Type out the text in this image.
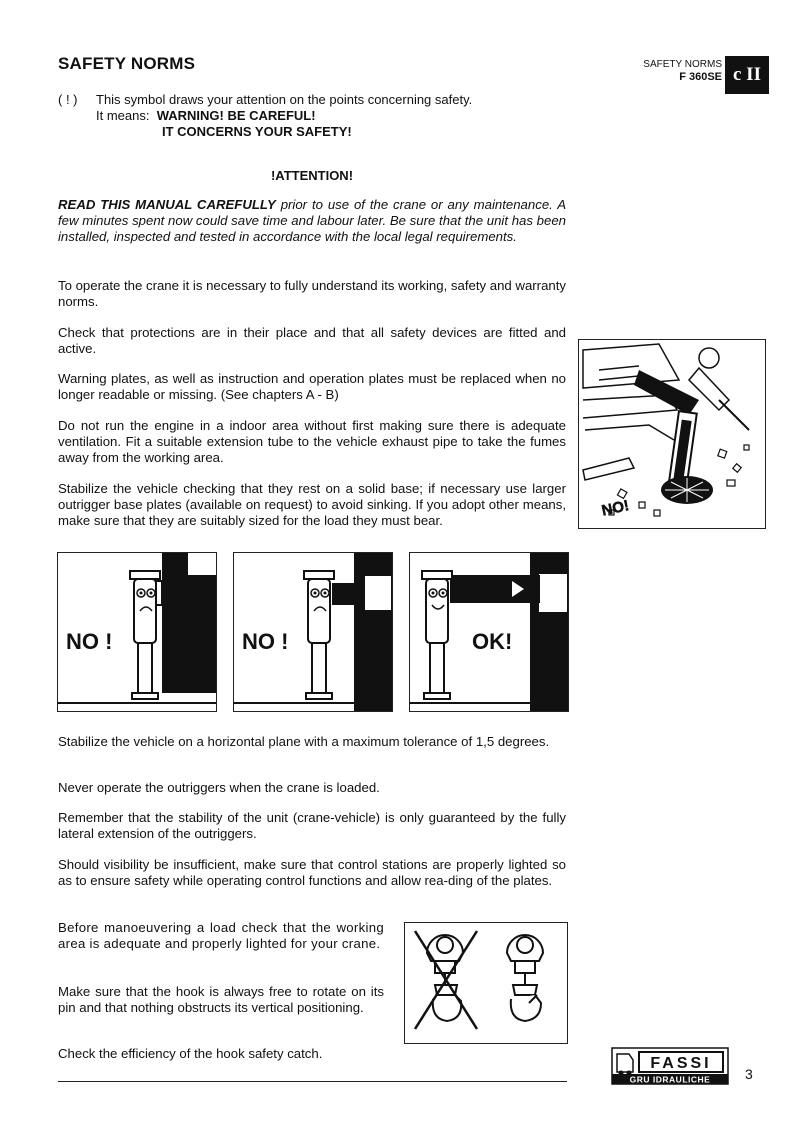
SAFETY NORMS	SAFETY NORMS
F 360SE c II
( ! ) This symbol draws your attention on the points concerning safety.
It means: WARNING! BE CAREFUL!
IT CONCERNS YOUR SAFETY!
!ATTENTION!

READ THIS MANUAL CAREFULLY prior to use of the crane or any maintenance. A few minutes spent now could save time and labour later. Be sure that the unit has been installed, inspected and tested in accordance with the local legal requirements.

To operate the crane it is necessary to fully understand its working, safety and warranty norms.

Check that protections are in their place and that all safety devices are fitted and active.

Warning plates, as well as instruction and operation plates must be replaced when no longer readable or missing. (See chapters A - B)

Do not run the engine in a indoor area without first making sure there is adequate ventilation. Fit a suitable extension tube to the vehicle exhaust pipe to take the fumes away from the working area.

Stabilize the vehicle checking that they rest on a solid base; if necessary use larger outrigger base plates (available on request) to avoid sinking. If you adopt other means, make sure that they are suitably sized for the load they must bear.

NO!
NO !	NO !	OK!

Stabilize the vehicle on a horizontal plane with a maximum tolerance of 1,5 degrees.

Never operate the outriggers when the crane is loaded.

Remember that the stability of the unit (crane-vehicle) is only guaranteed by the fully lateral extension of the outriggers.

Should visibility be insufficient, make sure that control stations are properly lighted so as to ensure safety while operating control functions and allow rea-ding of the plates.

Before manoeuvering a load check that the working area is adequate and properly lighted for your crane.

Make sure that the hook is always free to rotate on its pin and that nothing obstructs its vertical positioning.

Check the efficiency of the hook safety catch.

FASSI
GRU IDRAULICHE 3
